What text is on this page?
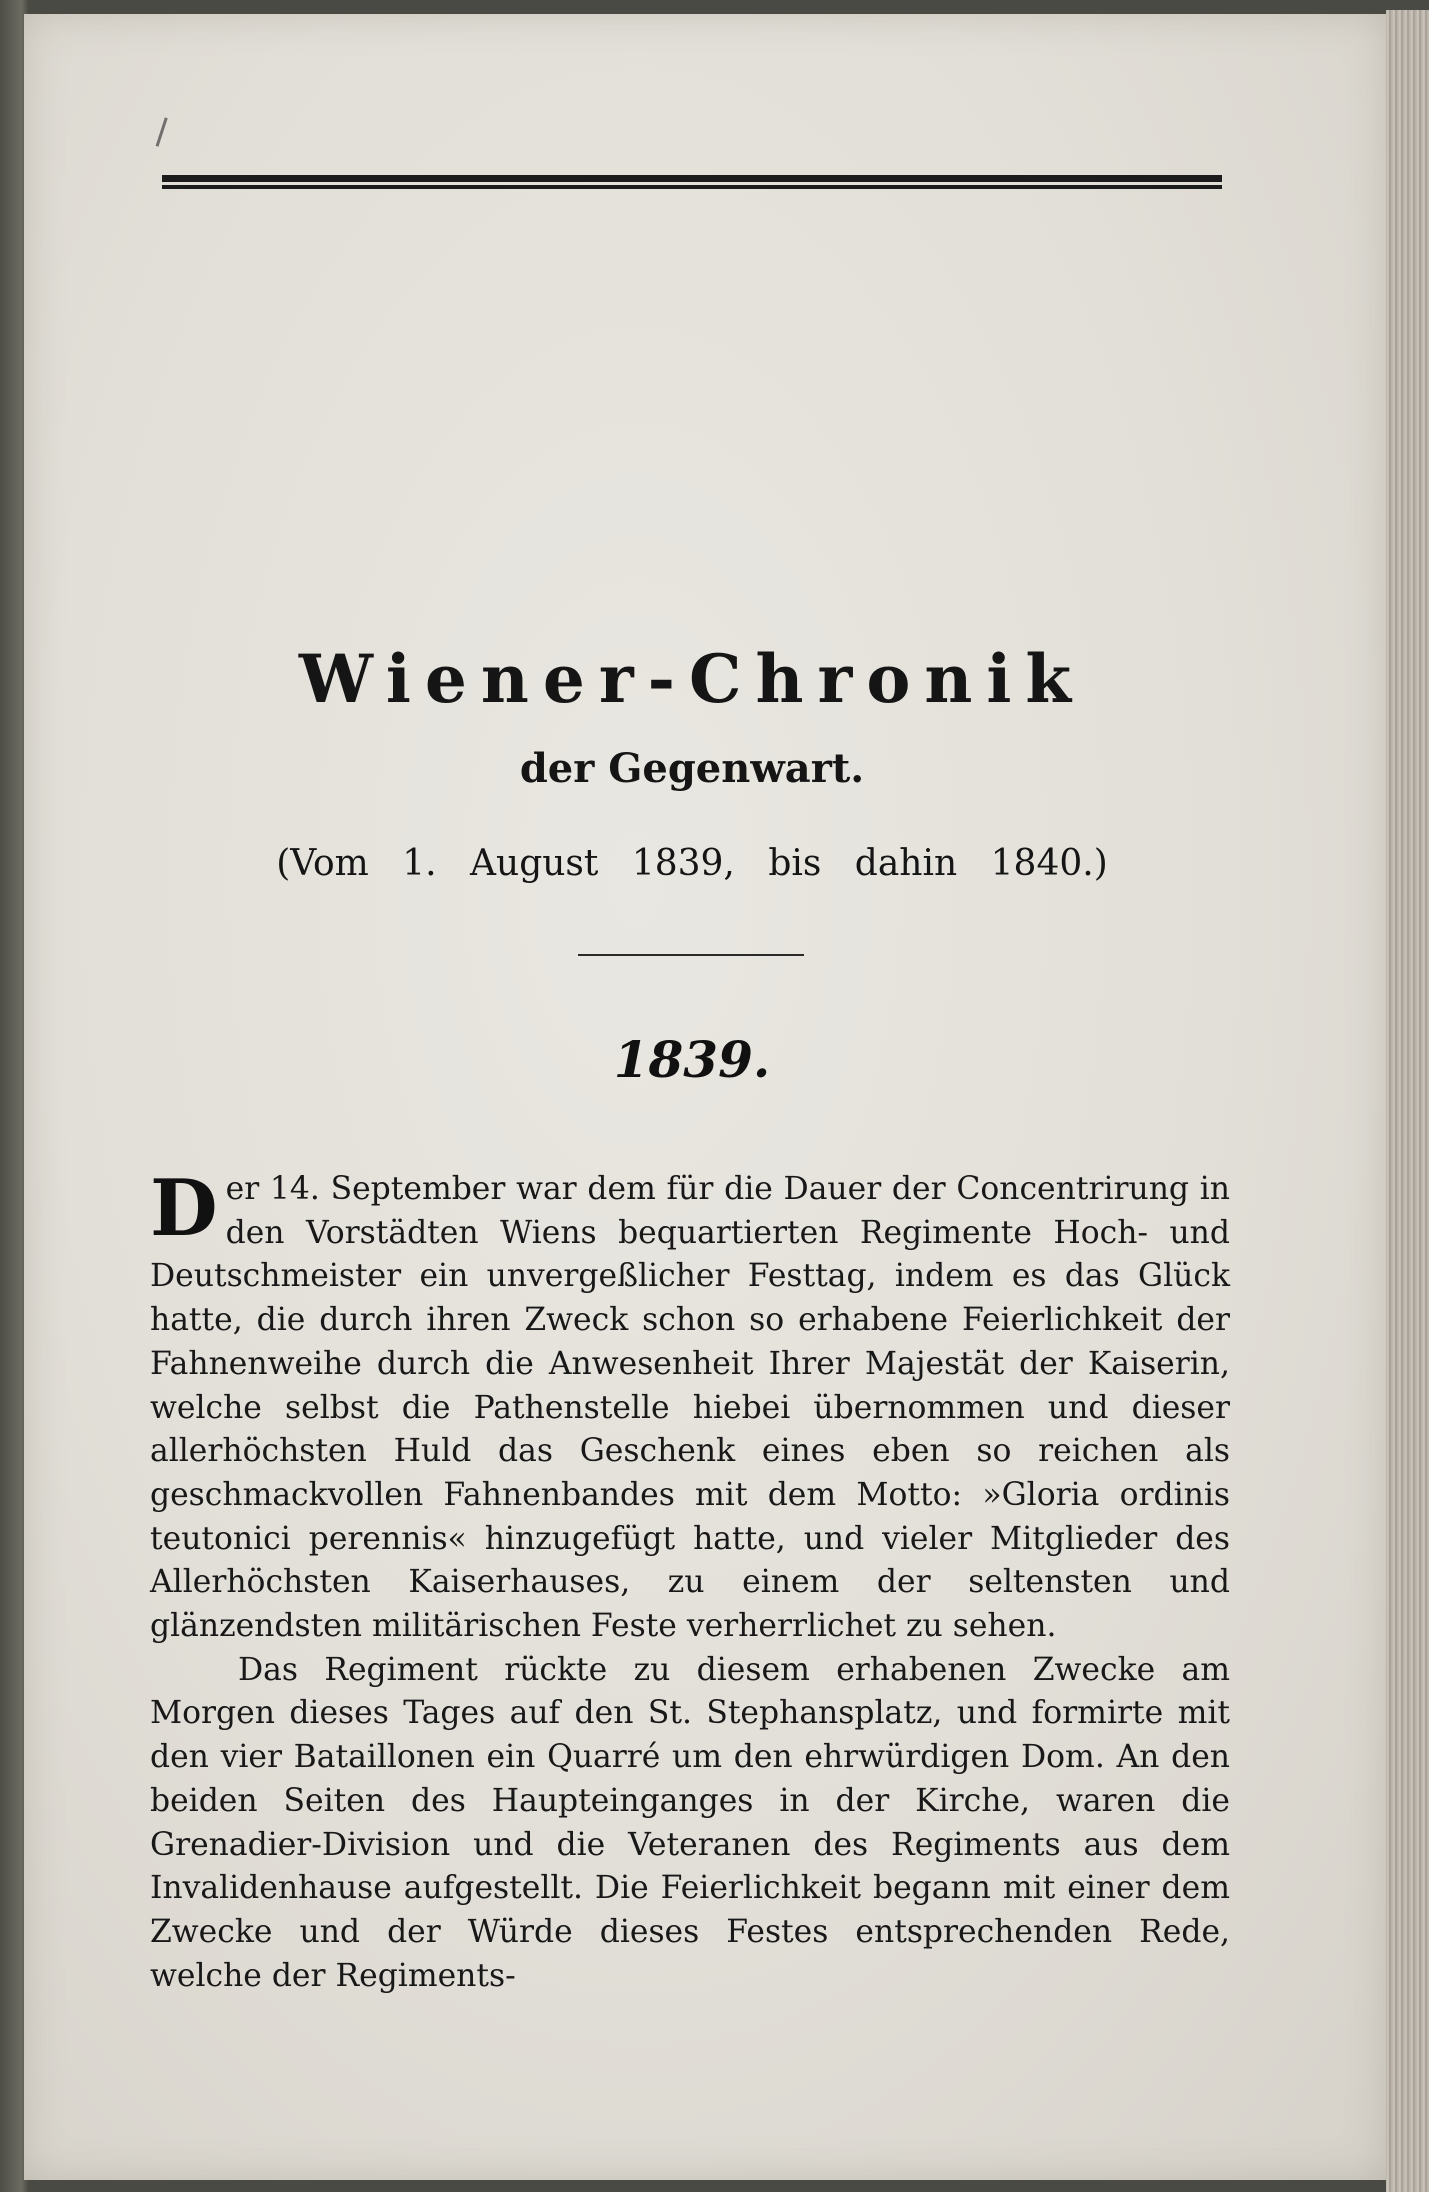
Wiener-Chronik
der Gegenwart.
(Vom 1. August 1839, bis dahin 1840.)
1839.

Der 14. September war dem für die Dauer der Concentrirung in den Vorstädten Wiens bequartierten Regimente Hoch- und Deutschmeister ein unvergeßlicher Festtag, indem es das Glück hatte, die durch ihren Zweck schon so erhabene Feierlichkeit der Fahnenweihe durch die Anwesenheit Ihrer Majestät der Kaiserin, welche selbst die Pathenstelle hiebei übernommen und dieser allerhöchsten Huld das Geschenk eines eben so reichen als geschmackvollen Fahnenbandes mit dem Motto: »Gloria ordinis teutonici perennis« hinzugefügt hatte, und vieler Mitglieder des Allerhöchsten Kaiserhauses, zu einem der seltensten und glänzendsten militärischen Feste verherrlichet zu sehen.

Das Regiment rückte zu diesem erhabenen Zwecke am Morgen dieses Tages auf den St. Stephansplatz, und formirte mit den vier Bataillonen ein Quarré um den ehrwürdigen Dom. An den beiden Seiten des Haupteinganges in der Kirche, waren die Grenadier-Division und die Veteranen des Regiments aus dem Invalidenhause aufgestellt. Die Feierlichkeit begann mit einer dem Zwecke und der Würde dieses Festes entsprechenden Rede, welche der Regiments-
